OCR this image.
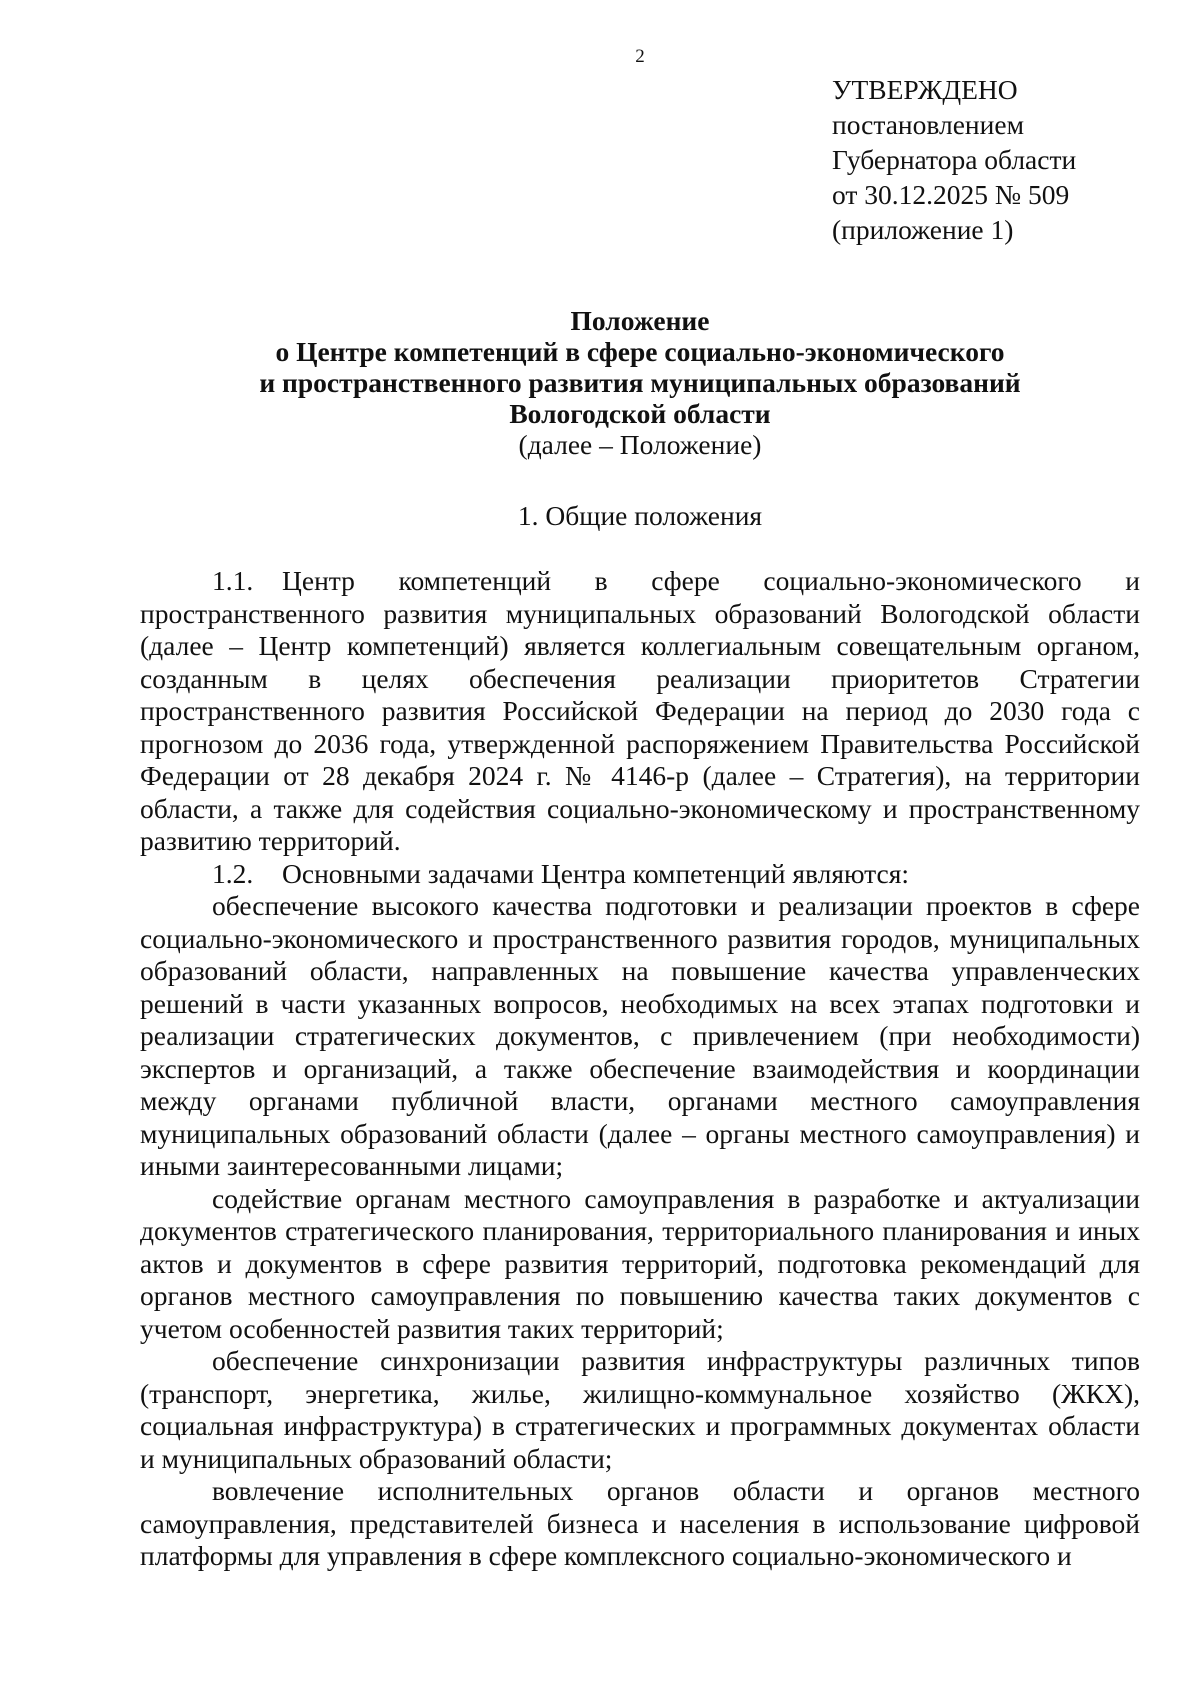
2
УТВЕРЖДЕНО
постановлением
Губернатора области
от 30.12.2025 № 509
(приложение 1)
Положение
о Центре компетенций в сфере социально-экономического
и пространственного развития муниципальных образований
Вологодской области
(далее – Положение)
1. Общие положения

1.1. Центр компетенций в сфере социально-экономического и пространственного развития муниципальных образований Вологодской области (далее – Центр компетенций) является коллегиальным совещательным органом, созданным в целях обеспечения реализации приоритетов Стратегии пространственного развития Российской Федерации на период до 2030 года с прогнозом до 2036 года, утвержденной распоряжением Правительства Российской Федерации от 28 декабря 2024 г. № 4146-р (далее – Стратегия), на территории области, а также для содействия социально-экономическому и пространственному развитию территорий.

1.2. Основными задачами Центра компетенций являются:

обеспечение высокого качества подготовки и реализации проектов в сфере социально-экономического и пространственного развития городов, муниципальных образований области, направленных на повышение качества управленческих решений в части указанных вопросов, необходимых на всех этапах подготовки и реализации стратегических документов, с привлечением (при необходимости) экспертов и организаций, а также обеспечение взаимодействия и координации между органами публичной власти, органами местного самоуправления муниципальных образований области (далее – органы местного самоуправления) и иными заинтересованными лицами;

содействие органам местного самоуправления в разработке и актуализации документов стратегического планирования, территориального планирования и иных актов и документов в сфере развития территорий, подготовка рекомендаций для органов местного самоуправления по повышению качества таких документов с учетом особенностей развития таких территорий;

обеспечение синхронизации развития инфраструктуры различных типов (транспорт, энергетика, жилье, жилищно-коммунальное хозяйство (ЖКХ), социальная инфраструктура) в стратегических и программных документах области и муниципальных образований области;

вовлечение исполнительных органов области и органов местного самоуправления, представителей бизнеса и населения в использование цифровой платформы для управления в сфере комплексного социально-экономического и
